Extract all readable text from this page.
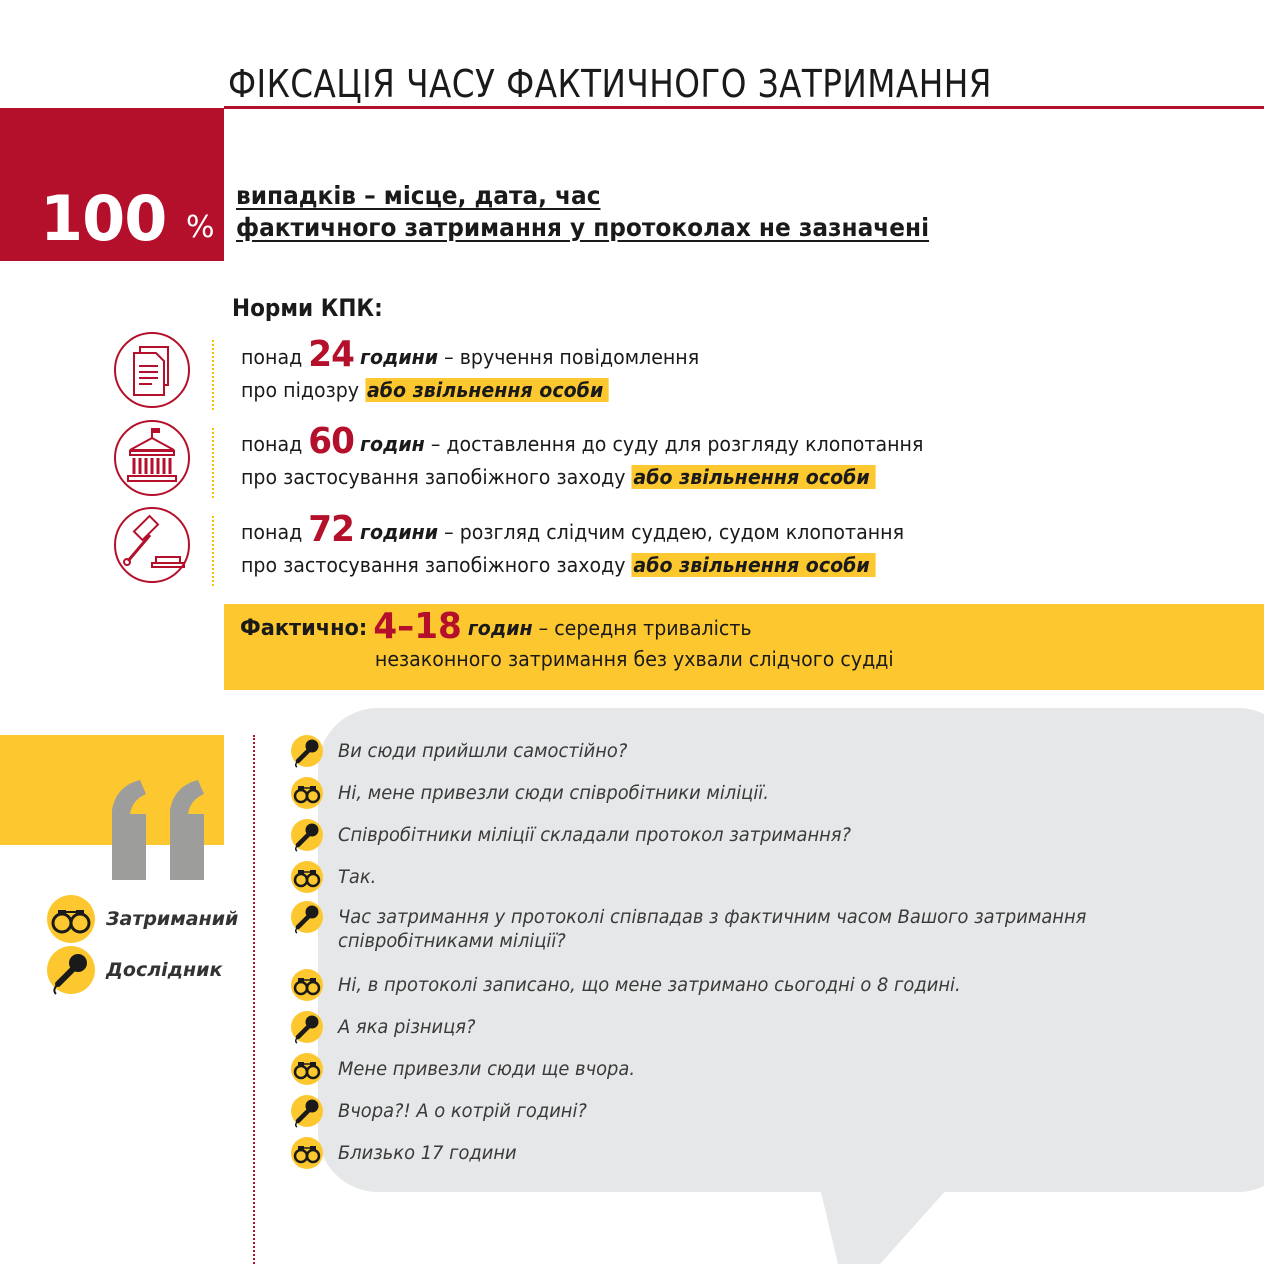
ФІКСАЦІЯ ЧАСУ ФАКТИЧНОГО ЗАТРИМАННЯ
100 %
випадків – місце, дата, час
фактичного затримання у протоколах не зазначені
Норми КПК:
понад 24 години – вручення повідомлення
про підозру або звільнення особи
понад 60 годин – доставлення до суду для розгляду клопотання
про застосування запобіжного заходу або звільнення особи
понад 72 години – розгляд слідчим суддею, судом клопотання
про застосування запобіжного заходу або звільнення особи
Фактично: 4–18 годин – середня тривалість
незаконного затримання без ухвали слідчого судді
Затриманий
Дослідник
Ви сюди прийшли самостійно?
Ні, мене привезли сюди співробітники міліції.
Співробітники міліції складали протокол затримання?
Так.
Час затримання у протоколі співпадав з фактичним часом Вашого затримання співробітниками міліції?
Ні, в протоколі записано, що мене затримано сьогодні о 8 годині.
А яка різниця?
Мене привезли сюди ще вчора.
Вчора?! А о котрій годині?
Близько 17 години
